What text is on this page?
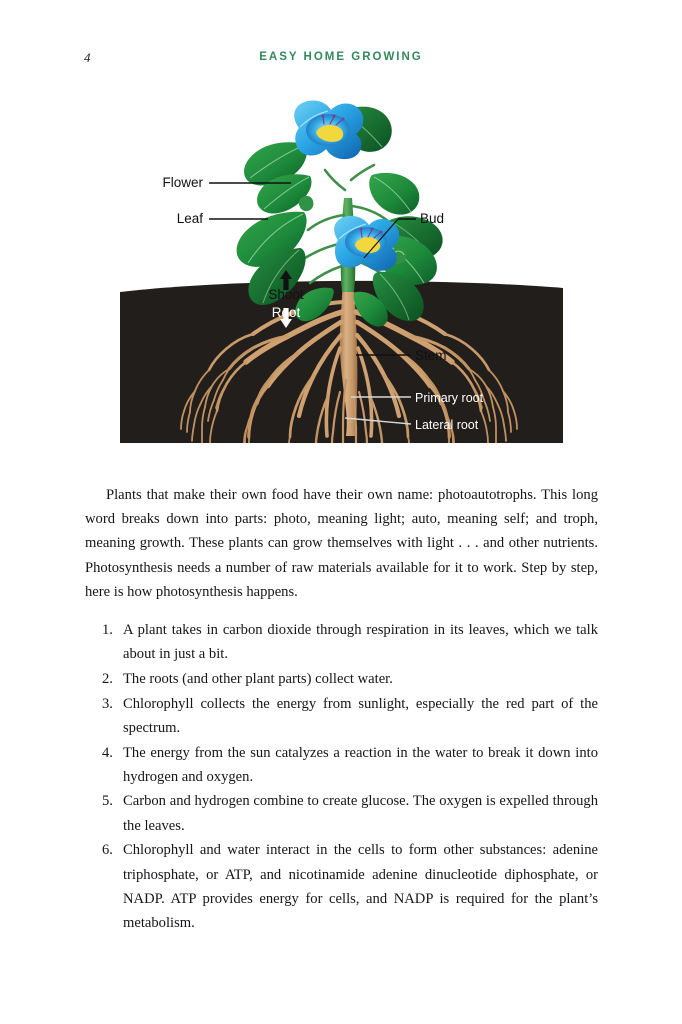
4	EASY HOME GROWING
Flower
Leaf	Bud
Stem
Primary root
Lateral root
Shoot
Root
Plants that make their own food have their own name: photoautotrophs. This long word breaks down into parts: photo, meaning light; auto, meaning self; and troph, meaning growth. These plants can grow themselves with light . . . and other nutrients. Photosynthesis needs a number of raw materials available for it to work. Step by step, here is how photosynthesis happens.
1. A plant takes in carbon dioxide through respiration in its leaves, which we talk about in just a bit.
2. The roots (and other plant parts) collect water.
3. Chlorophyll collects the energy from sunlight, especially the red part of the spectrum.
4. The energy from the sun catalyzes a reaction in the water to break it down into hydrogen and oxygen.
5. Carbon and hydrogen combine to create glucose. The oxygen is expelled through the leaves.
6. Chlorophyll and water interact in the cells to form other substances: adenine triphosphate, or ATP, and nicotinamide adenine dinucleotide diphosphate, or NADP. ATP provides energy for cells, and NADP is required for the plant’s metabolism.
